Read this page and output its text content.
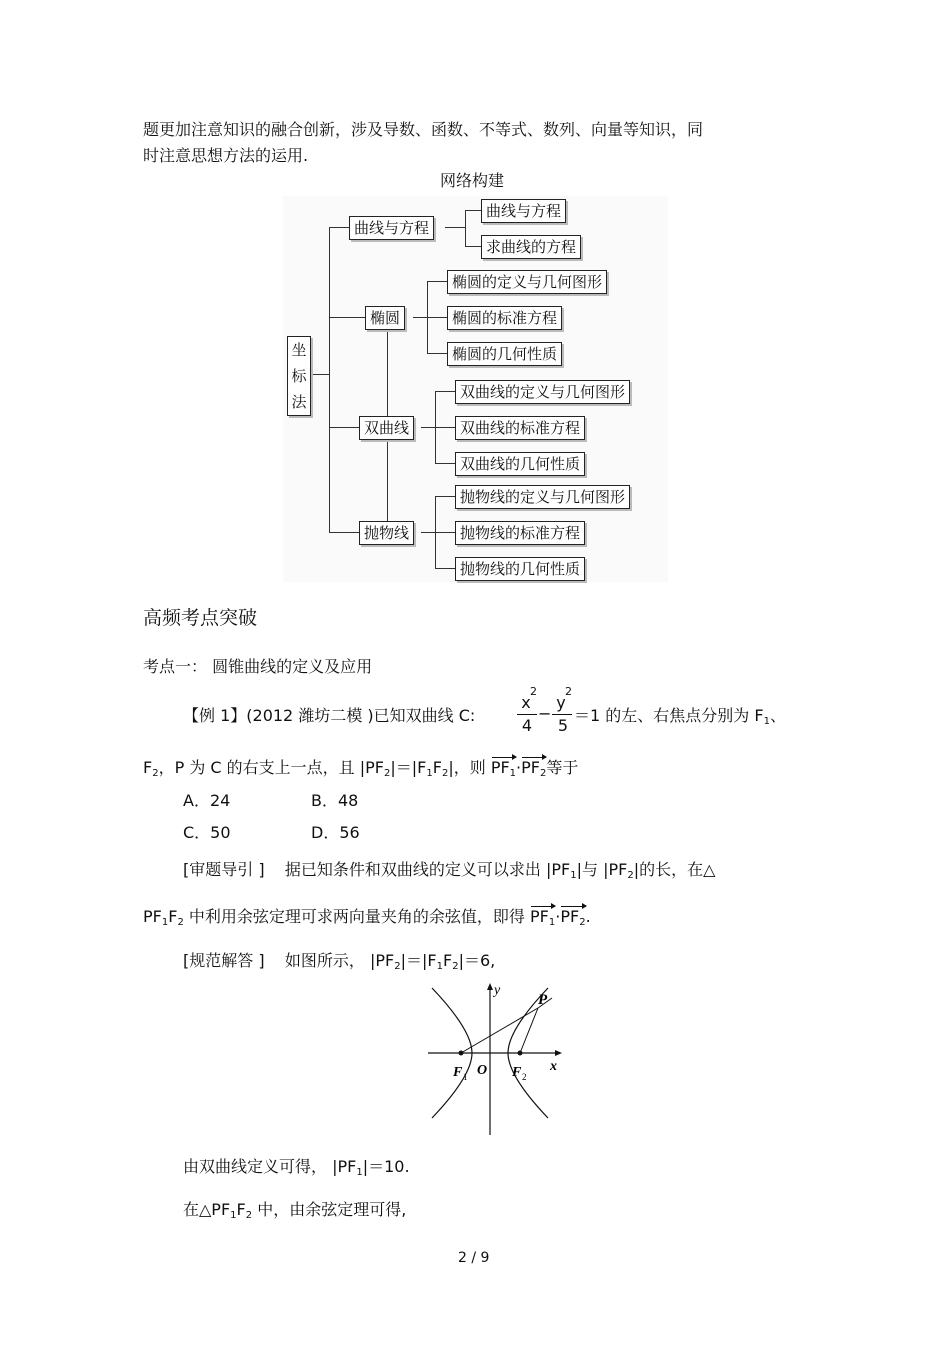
题更加注意知识的融合创新，涉及导数、函数、不等式、数列、向量等知识，同
时注意思想方法的运用.
网络构建
坐标法
曲线与方程
曲线与方程
求曲线的方程
椭圆
椭圆的定义与几何图形
椭圆的标准方程
椭圆的几何性质
双曲线
双曲线的定义与几何图形
双曲线的标准方程
双曲线的几何性质
抛物线
抛物线的定义与几何图形
抛物线的标准方程
抛物线的几何性质
高频考点突破
考点一： 圆锥曲线的定义及应用
【例 1】(2012 潍坊二模 )已知双曲线 C:
x
2
4
−
y
2
5
＝1 的左、右焦点分别为 F1、
F2，P 为 C 的右支上一点，且 |PF2|＝|F1F2|，则 PF1·PF2等于
A．24	B．48
C．50	D．56
[审题导引 ] 据已知条件和双曲线的定义可以求出 |PF1|与 |PF2|的长，在△
PF1F2 中利用余弦定理可求两向量夹角的余弦值，即得 PF1·PF2.
[规范解答 ] 如图所示， |PF2|＝|F1F2|＝6,
y
P
x
O
F 1	F 2
由双曲线定义可得， |PF1|＝10.
在△PF1F2 中，由余弦定理可得,
2 / 9
